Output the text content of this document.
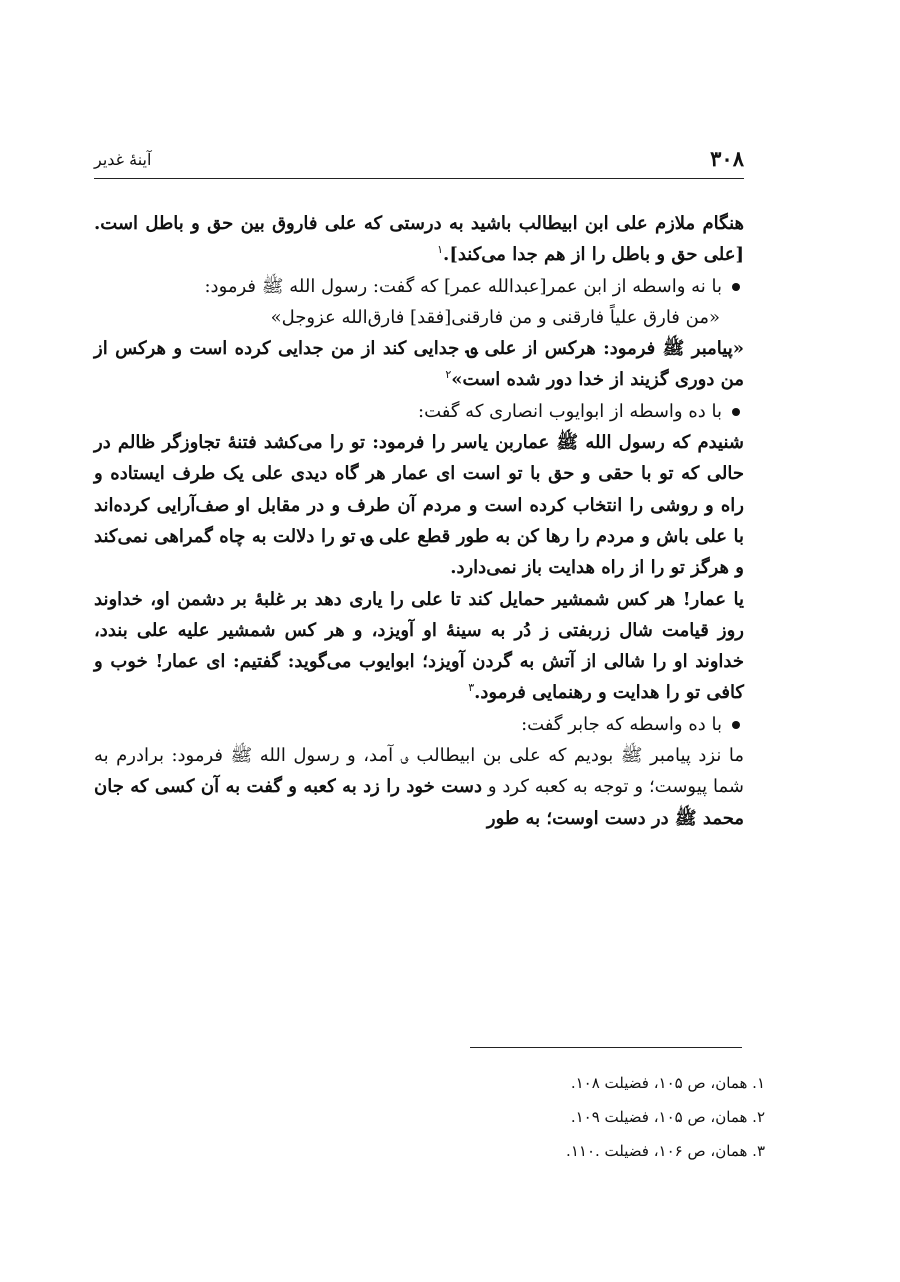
۳۰۸
آینهٔ غدیر

هنگام ملازم علی ابن ابیطالب باشید به درستی که علی فاروق بین حق و باطل است. [علی حق و باطل را از هم جدا می‌کند].$^۱$

با نه واسطه از ابن عمر[عبدالله عمر] که گفت: رسول الله ﷺ فرمود:

«من فارق علیاً فارقنی و من فارقنی[فقد] فارق‌الله عزوجل»

«پیامبر ﷺ فرمود: هرکس از علی ؈ جدایی کند از من جدایی کرده است و هرکس از من دوری گزیند از خدا دور شده است»$^۲$

با ده واسطه از ابوایوب انصاری که گفت:

شنیدم که رسول الله ﷺ عماربن یاسر را فرمود: تو را می‌کشد فتنهٔ تجاوزگر ظالم در حالی که تو با حقی و حق با تو است ای عمار هر گاه دیدی علی یک طرف ایستاده و راه و روشی را انتخاب کرده است و مردم آن طرف و در مقابل او صف‌آرایی کرده‌اند با علی باش و مردم را رها کن به طور قطع علی ؈ تو را دلالت به چاه گمراهی نمی‌کند و هرگز تو را از راه هدایت باز نمی‌دارد.

یا عمار! هر کس شمشیر حمایل کند تا علی را یاری دهد بر غلبهٔ بر دشمن او، خداوند روز قیامت شال زربفتی ز دُر به سینهٔ او آویزد، و هر کس شمشیر علیه علی بندد، خداوند او را شالی از آتش به گردن آویزد؛ ابوایوب می‌گوید: گفتیم: ای عمار! خوب و کافی تو را هدایت و رهنمایی فرمود.$^۳$

با ده واسطه که جابر گفت:

ما نزد پیامبر ﷺ بودیم که علی بن ابیطالب ؈ آمد، و رسول الله ﷺ فرمود: برادرم به شما پیوست؛ و توجه به کعبه کرد و دست خود را زد به کعبه و گفت به آن کسی که جان محمد ﷺ در دست اوست؛ به طور

۱. همان، ص ۱۰۵، فضیلت ۱۰۸.

۲. همان، ص ۱۰۵، فضیلت ۱۰۹.

۳. همان، ص ۱۰۶، فضیلت .۱۱۰.
